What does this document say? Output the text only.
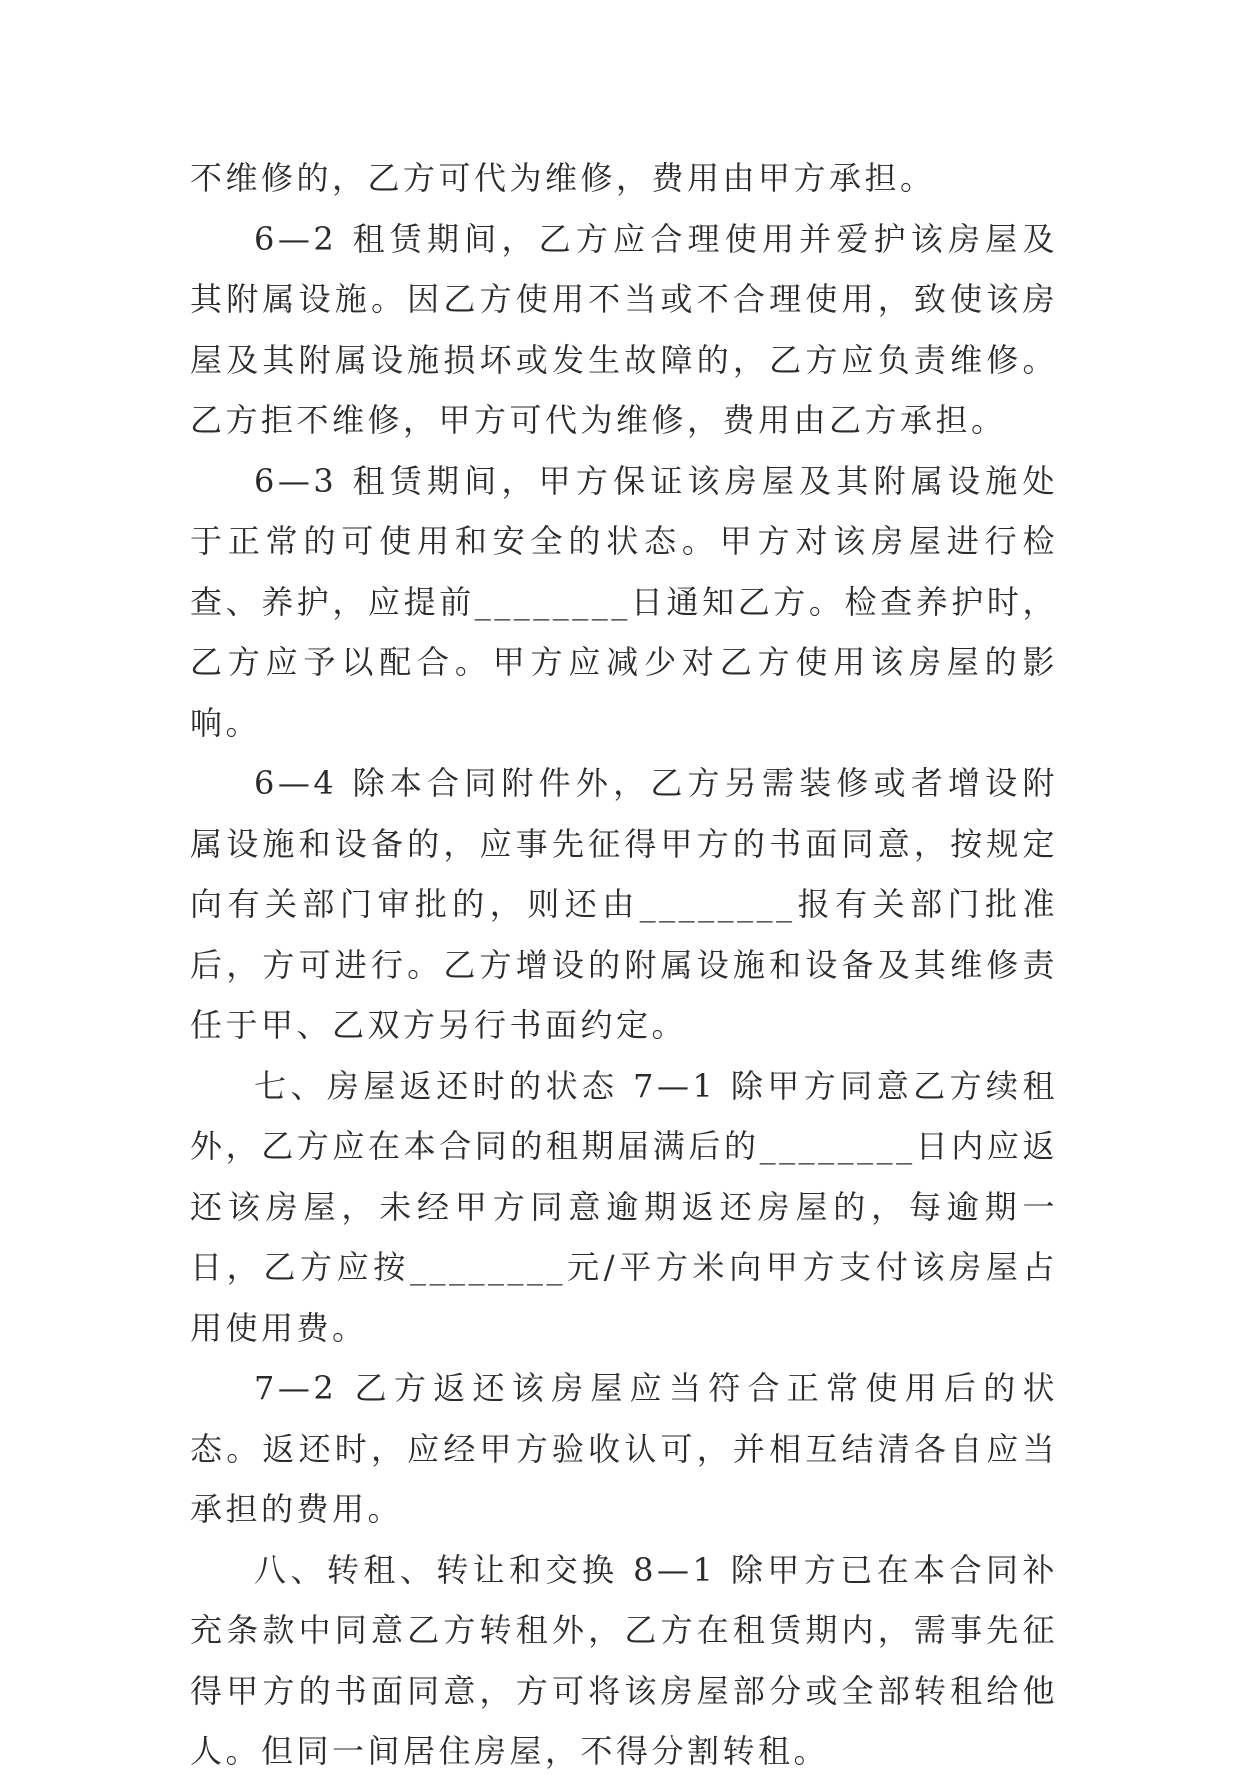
不维修的，乙方可代为维修，费用由甲方承担。

6—2 租赁期间，乙方应合理使用并爱护该房屋及其附属设施。因乙方使用不当或不合理使用，致使该房屋及其附属设施损坏或发生故障的，乙方应负责维修。乙方拒不维修，甲方可代为维修，费用由乙方承担。

6—3 租赁期间，甲方保证该房屋及其附属设施处于正常的可使用和安全的状态。甲方对该房屋进行检查、养护，应提前________日通知乙方。检查养护时，乙方应予以配合。甲方应减少对乙方使用该房屋的影响。

6—4 除本合同附件外，乙方另需装修或者增设附属设施和设备的，应事先征得甲方的书面同意，按规定向有关部门审批的，则还由________报有关部门批准后，方可进行。乙方增设的附属设施和设备及其维修责任于甲、乙双方另行书面约定。

七、房屋返还时的状态 7—1 除甲方同意乙方续租外，乙方应在本合同的租期届满后的________日内应返还该房屋，未经甲方同意逾期返还房屋的，每逾期一日，乙方应按________元/平方米向甲方支付该房屋占用使用费。

7—2 乙方返还该房屋应当符合正常使用后的状态。返还时，应经甲方验收认可，并相互结清各自应当承担的费用。

八、转租、转让和交换 8—1 除甲方已在本合同补充条款中同意乙方转租外，乙方在租赁期内，需事先征得甲方的书面同意，方可将该房屋部分或全部转租给他人。但同一间居住房屋，不得分割转租。
